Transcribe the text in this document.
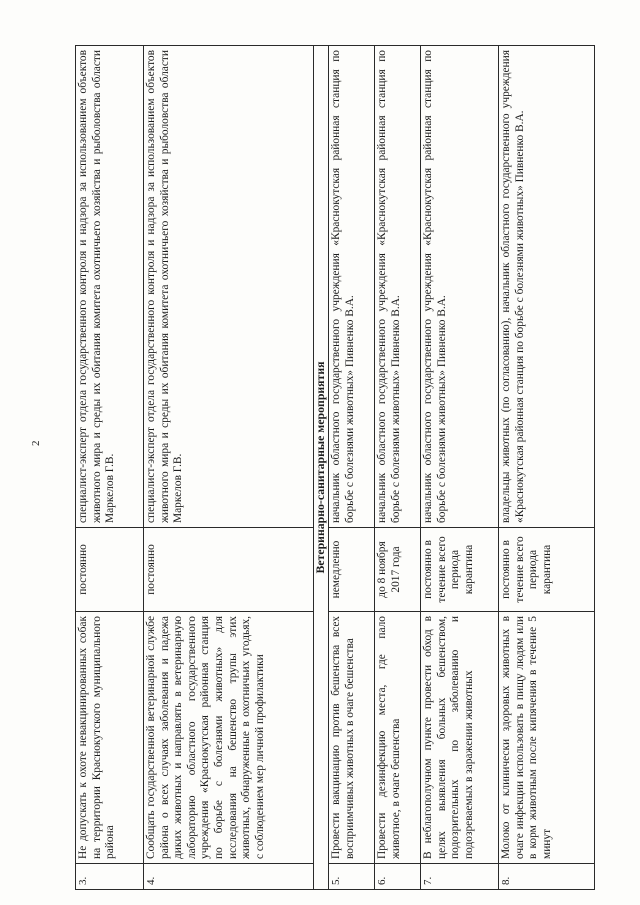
2
3.	Не допускать к охоте невакцинированных собак на территории Краснокутского муниципального района	постоянно	специалист-эксперт отдела государственного контроля и надзора за использованием объектов животного мира и среды их обитания комитета охотничьего хозяйства и рыболовства области Маркелов Г.В.
4.	Сообщать государственной ветеринарной службе района о всех случаях заболевания и падежа диких животных и направлять в ветеринарную лабораторию областного государственного учреждения «Краснокутская районная станция по борьбе с болезнями животных» для исследования на бешенство трупы этих животных, обнаруженные в охотничьих угодьях, с соблюдением мер личной профилактики	постоянно	специалист-эксперт отдела государственного контроля и надзора за использованием объектов животного мира и среды их обитания комитета охотничьего хозяйства и рыболовства области Маркелов Г.В.
Ветеринарно-санитарные мероприятия			
5.	Провести вакцинацию против бешенства всех восприимчивых животных в очаге бешенства	немедленно	начальник областного государственного учреждения «Краснокутская районная станция по борьбе с болезнями животных» Пивненко В.А.
6.	Провести дезинфекцию места, где пало животное, в очаге бешенства	до 8 ноября 2017 года	начальник областного государственного учреждения «Краснокутская районная станция по борьбе с болезнями животных» Пивненко В.А.
7.	В неблагополучном пункте провести обход в целях выявления больных бешенством, подозрительных по заболеванию и подозреваемых в заражении животных	постоянно в течение всего периода карантина	начальник областного государственного учреждения «Краснокутская районная станция по борьбе с болезнями животных» Пивненко В.А.
8.	Молоко от клинически здоровых животных в очаге инфекции использовать в пищу людям или в корм животным после кипячения в течение 5 минут	постоянно в течение всего периода карантина	владельцы животных (по согласованию), начальник областного государственного учреждения «Краснокутская районная станция по борьбе с болезнями животных» Пивненко В.А.
